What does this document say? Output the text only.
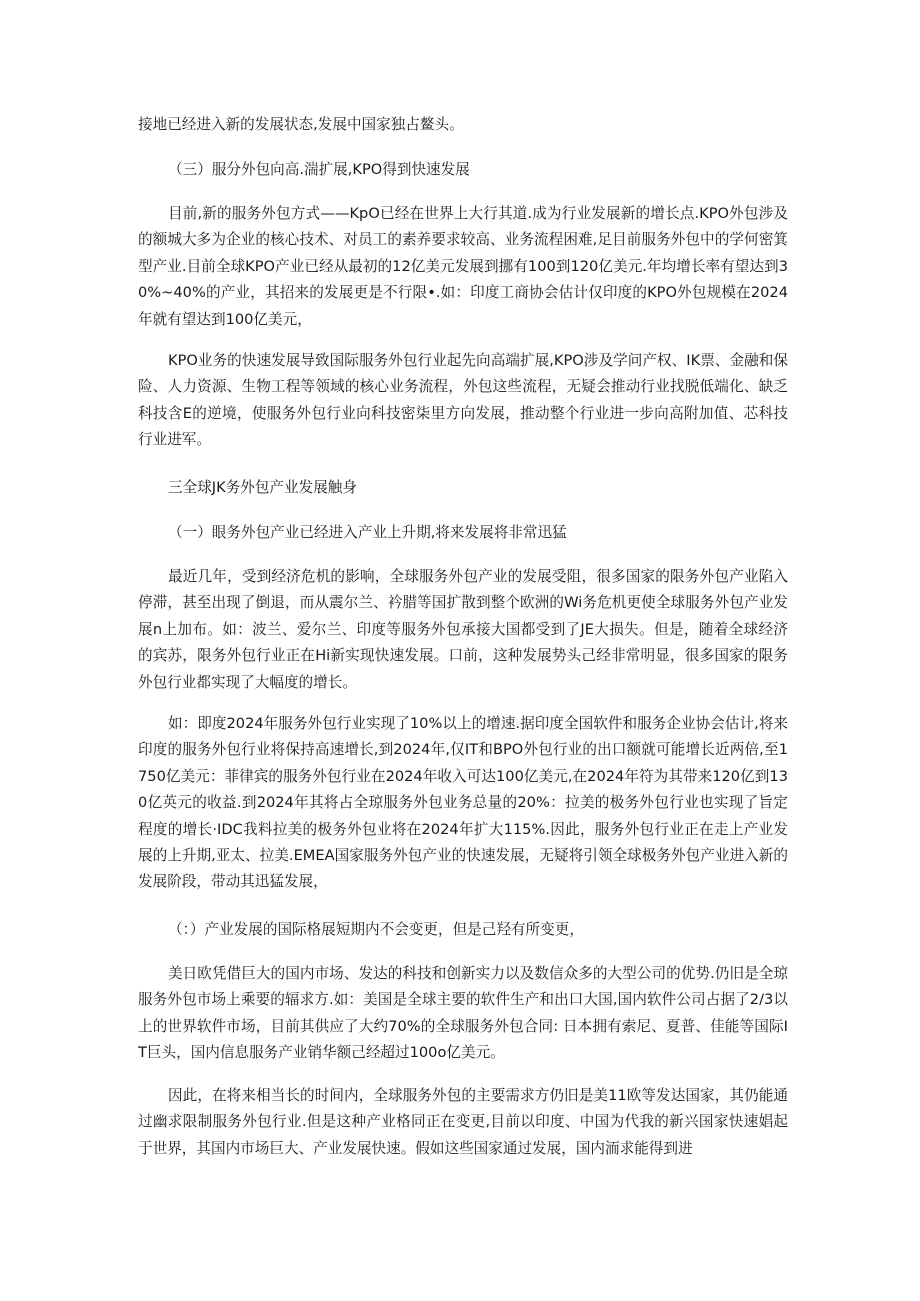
接地已经进入新的发展状态,发展中国家独占鳌头。

（三）服分外包向高.湍扩展,KPO得到快速发展

目前,新的服务外包方式——KpO已经在世界上大行其道.成为行业发展新的增长点.KPO外包涉及的额城大多为企业的核心技术、对员工的素养要求较高、业务流程困难,足目前服务外包中的学何密箕型产业.目前全球KPO产业已经从最初的12亿美元发展到挪有100到120亿美元.年均增长率有望达到30%~40%的产业，其招来的发展更是不行限•.如：印度工商协会估计仅印度的KPO外包规模在2024年就有望达到100亿美元，

KPO业务的快速发展导致国际服务外包行业起先向高端扩展,KPO涉及学问产权、IK票、金融和保险、人力资源、生物工程等领域的核心业务流程，外包这些流程，无疑会推动行业找脱低端化、缺乏科技含E的逆境，使服务外包行业向科技密柒里方向发展，推动整个行业进一步向高附加值、芯科技行业进军。

三全球JK务外包产业发展触身

（一）眼务外包产业已经进入产业上升期,将来发展将非常迅猛

最近几年，受到经济危机的影响，全球服务外包产业的发展受阻，很多国家的限务外包产业陷入停滞，甚至出现了倒退，而从震尔兰、衿腊等国扩散到整个欧洲的Wi务危机更使全球服务外包产业发展n上加布。如：波兰、爱尔兰、印度等服务外包承接大国都受到了JE大损失。但是，随着全球经济的宾苏，限务外包行业正在Hi新实现快速发展。口前，这种发展势头己经非常明显，很多国家的限务外包行业都实现了大幅度的增长。

如：即度2024年服务外包行业实现了10%以上的增速.据印度全国软件和服务企业协会估计,将来印度的服务外包行业将保持高速增长,到2024年,仅IT和BPO外包行业的出口额就可能增长近两倍,至1750亿美元：菲律宾的服务外包行业在2024年收入可达100亿美元,在2024年符为其带来120亿到130亿英元的收益.到2024年其将占全琼服务外包业务总量的20%：拉美的极务外包行业也实现了旨定程度的增长·IDC我料拉美的极务外包业将在2024年扩大115%.因此，服务外包行业正在走上产业发展的上升期,亚太、拉美.EMEA国家服务外包产业的快速发展，无疑将引领全球极务外包产业进入新的发展阶段，带动其迅猛发展，

（：）产业发展的国际格展短期内不会变更，但是己羟有所变更，

美日欧凭借巨大的国内市场、发达的科技和创新实力以及数信众多的大型公司的优势.仍旧是全琼服务外包市场上乘要的辐求方.如：美国是全球主要的软件生产和出口大国,国内软件公司占据了2/3以上的世界软件市场，目前其供应了大约70%的全球服务外包合同: 日本拥有索尼、夏普、佳能等国际IT巨头，国内信息服务产业销华额己经超过100o亿美元。

因此，在将来相当长的时间内，全球服务外包的主要需求方仍旧是美11欧等发达国家，其仍能通过幽求限制服务外包行业.但是这种产业格同正在变更,目前以印度、中国为代我的新兴国家快速娼起于世界，其国内市场巨大、产业发展快速。假如这些国家通过发展，国内洏求能得到进
